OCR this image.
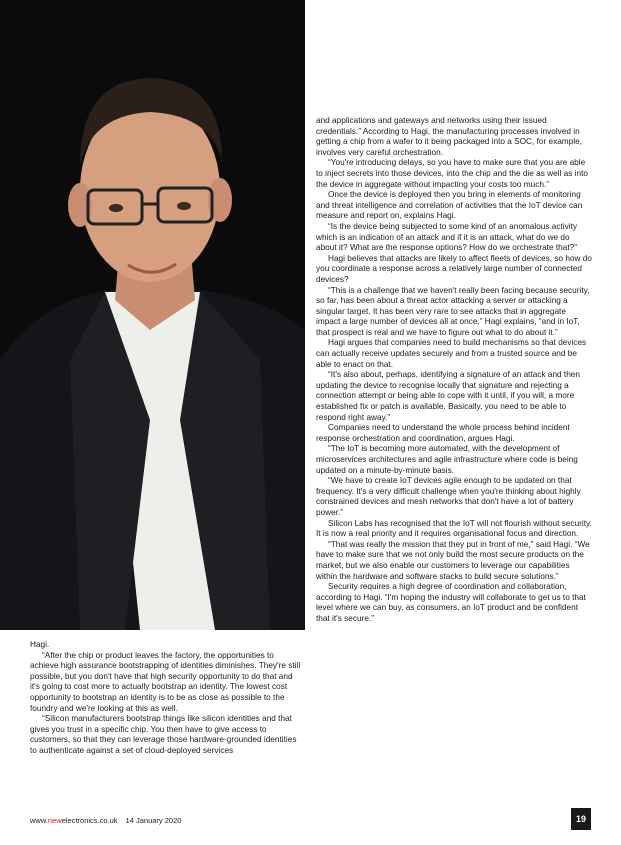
Hagi.

“After the chip or product leaves the factory, the opportunities to achieve high assurance bootstrapping of identities diminishes. They're still possible, but you don't have that high security opportunity to do that and it's going to cost more to actually bootstrap an identity. The lowest cost opportunity to bootstrap an identity is to be as close as possible to the foundry and we're looking at this as well.

“Silicon manufacturers bootstrap things like silicon identities and that gives you trust in a specific chip. You then have to give access to customers, so that they can leverage those hardware-grounded identities to authenticate against a set of cloud-deployed services

and applications and gateways and networks using their issued credentials.” According to Hagi, the manufacturing processes involved in getting a chip from a wafer to it being packaged into a SOC, for example, involves very careful orchestration.

“You're introducing delays, so you have to make sure that you are able to inject secrets into those devices, into the chip and the die as well as into the device in aggregate without impacting your costs too much.”

Once the device is deployed then you bring in elements of monitoring and threat intelligence and correlation of activities that the IoT device can measure and report on, explains Hagi.

“Is the device being subjected to some kind of an anomalous activity which is an indication of an attack and if it is an attack, what do we do about it? What are the response options? How do we orchestrate that?”

Hagi believes that attacks are likely to affect fleets of devices, so how do you coordinate a response across a relatively large number of connected devices?

“This is a challenge that we haven't really been facing because security, so far, has been about a threat actor attacking a server or attacking a singular target. It has been very rare to see attacks that in aggregate impact a large number of devices all at once,” Hagi explains, “and in IoT, that prospect is real and we have to figure out what to do about it.”

Hagi argues that companies need to build mechanisms so that devices can actually receive updates securely and from a trusted source and be able to enact on that.

“It's also about, perhaps, identifying a signature of an attack and then updating the device to recognise locally that signature and rejecting a connection attempt or being able to cope with it until, if you will, a more established fix or patch is available. Basically, you need to be able to respond right away.”

Companies need to understand the whole process behind incident response orchestration and coordination, argues Hagi.

“The IoT is becoming more automated, with the development of microservices architectures and agile infrastructure where code is being updated on a minute-by-minute basis.

“We have to create IoT devices agile enough to be updated on that frequency. It's a very difficult challenge when you're thinking about highly constrained devices and mesh networks that don't have a lot of battery power.”

Silicon Labs has recognised that the IoT will not flourish without security. It is now a real priority and it requires organisational focus and direction.

“That was really the mission that they put in front of me,” said Hagi. “We have to make sure that we not only build the most secure products on the market, but we also enable our customers to leverage our capabilities within the hardware and software stacks to build secure solutions.”

Security requires a high degree of coordination and collaboration, according to Hagi. “I'm hoping the industry will collaborate to get us to that level where we can buy, as consumers, an IoT product and be confident that it's secure.”

www.newelectronics.co.uk 14 January 2020	19
